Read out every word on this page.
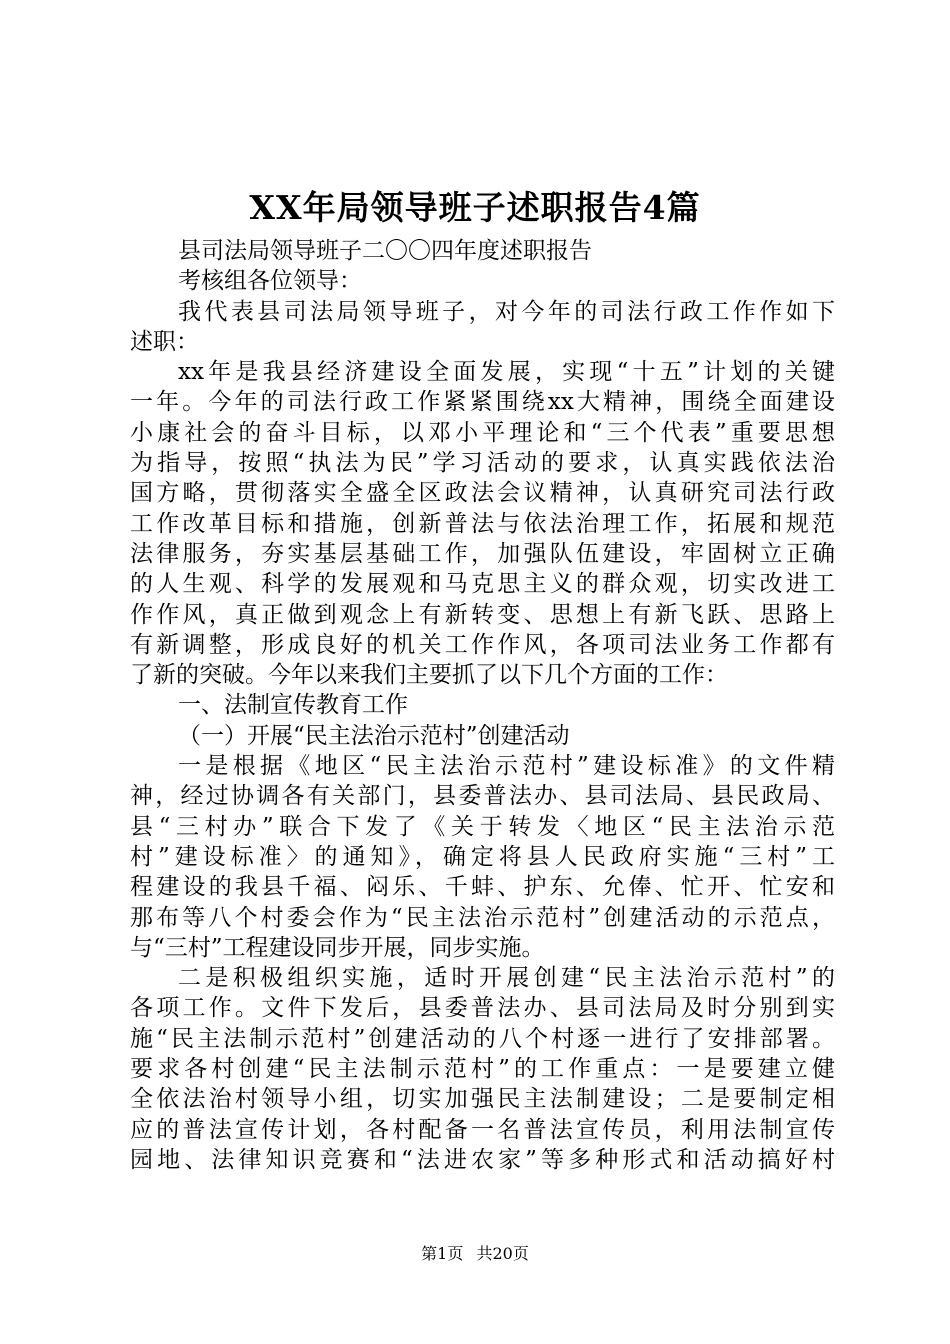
XX年局领导班子述职报告4篇
县司法局领导班子二〇〇四年度述职报告
考核组各位领导：
我代表县司法局领导班子，对今年的司法行政工作作如下
述职：
xx年是我县经济建设全面发展，实现“十五”计划的关键
一年。今年的司法行政工作紧紧围绕xx大精神，围绕全面建设
小康社会的奋斗目标，以邓小平理论和“三个代表”重要思想
为指导，按照“执法为民”学习活动的要求，认真实践依法治
国方略，贯彻落实全盛全区政法会议精神，认真研究司法行政
工作改革目标和措施，创新普法与依法治理工作，拓展和规范
法律服务，夯实基层基础工作，加强队伍建设，牢固树立正确
的人生观、科学的发展观和马克思主义的群众观，切实改进工
作作风，真正做到观念上有新转变、思想上有新飞跃、思路上
有新调整，形成良好的机关工作作风，各项司法业务工作都有
了新的突破。今年以来我们主要抓了以下几个方面的工作：
一、法制宣传教育工作
（一）开展“民主法治示范村”创建活动
一是根据《地区“民主法治示范村”建设标准》的文件精
神，经过协调各有关部门，县委普法办、县司法局、县民政局、
县“三村办”联合下发了《关于转发〈地区“民主法治示范
村”建设标准〉的通知》，确定将县人民政府实施“三村”工
程建设的我县千福、闷乐、千蚌、护东、允俸、忙开、忙安和
那布等八个村委会作为“民主法治示范村”创建活动的示范点，
与“三村”工程建设同步开展，同步实施。
二是积极组织实施，适时开展创建“民主法治示范村”的
各项工作。文件下发后，县委普法办、县司法局及时分别到实
施“民主法制示范村”创建活动的八个村逐一进行了安排部署。
要求各村创建“民主法制示范村”的工作重点：一是要建立健
全依法治村领导小组，切实加强民主法制建设；二是要制定相
应的普法宣传计划，各村配备一名普法宣传员，利用法制宣传
园地、法律知识竞赛和“法进农家”等多种形式和活动搞好村
第1页 共20页
